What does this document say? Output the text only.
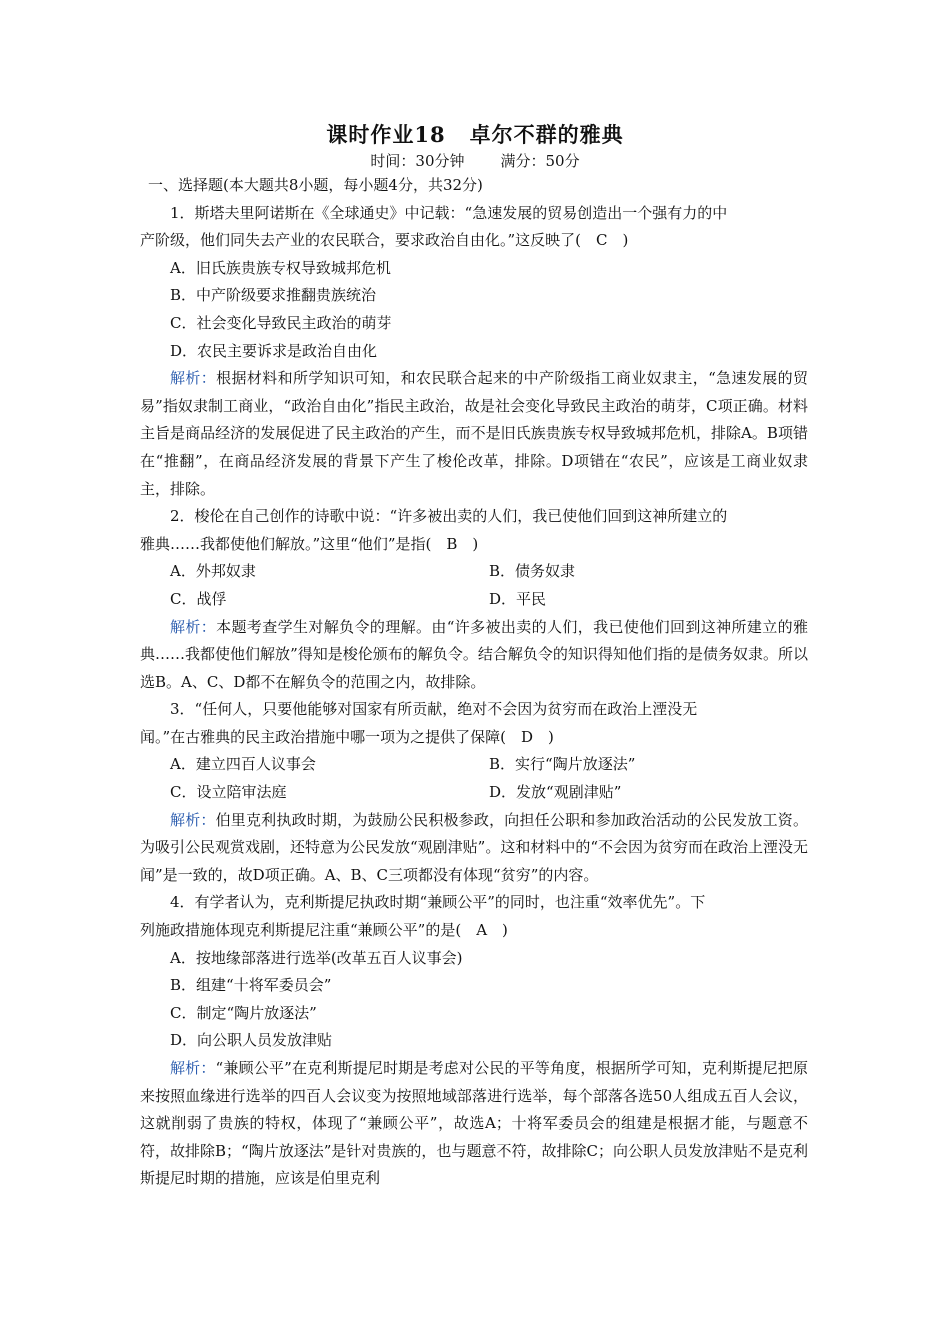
课时作业18 卓尔不群的雅典
时间：30分钟 满分：50分

一、选择题(本大题共8小题，每小题4分，共32分)

1．斯塔夫里阿诺斯在《全球通史》中记载：“急速发展的贸易创造出一个强有力的中

产阶级，他们同失去产业的农民联合，要求政治自由化。”这反映了(　C　)

A．旧氏族贵族专权导致城邦危机

B．中产阶级要求推翻贵族统治

C．社会变化导致民主政治的萌芽

D．农民主要诉求是政治自由化

解析：根据材料和所学知识可知，和农民联合起来的中产阶级指工商业奴隶主，“急速发展的贸易”指奴隶制工商业，“政治自由化”指民主政治，故是社会变化导致民主政治的萌芽，C项正确。材料主旨是商品经济的发展促进了民主政治的产生，而不是旧氏族贵族专权导致城邦危机，排除A。B项错在“推翻”，在商品经济发展的背景下产生了梭伦改革，排除。D项错在“农民”，应该是工商业奴隶主，排除。

2．梭伦在自己创作的诗歌中说：“许多被出卖的人们，我已使他们回到这神所建立的

雅典……我都使他们解放。”这里“他们”是指(　B　)

A．外邦奴隶	B．债务奴隶
C．战俘	D．平民

解析：本题考查学生对解负令的理解。由“许多被出卖的人们，我已使他们回到这神所建立的雅典……我都使他们解放”得知是梭伦颁布的解负令。结合解负令的知识得知他们指的是债务奴隶。所以选B。A、C、D都不在解负令的范围之内，故排除。

3．“任何人，只要他能够对国家有所贡献，绝对不会因为贫穷而在政治上湮没无

闻。”在古雅典的民主政治措施中哪一项为之提供了保障(　D　)

A．建立四百人议事会	B．实行“陶片放逐法”
C．设立陪审法庭	D．发放“观剧津贴”

解析：伯里克利执政时期，为鼓励公民积极参政，向担任公职和参加政治活动的公民发放工资。为吸引公民观赏戏剧，还特意为公民发放“观剧津贴”。这和材料中的“不会因为贫穷而在政治上湮没无闻”是一致的，故D项正确。A、B、C三项都没有体现“贫穷”的内容。

4．有学者认为，克利斯提尼执政时期“兼顾公平”的同时，也注重“效率优先”。下

列施政措施体现克利斯提尼注重“兼顾公平”的是(　A　)

A．按地缘部落进行选举(改革五百人议事会)

B．组建“十将军委员会”

C．制定“陶片放逐法”

D．向公职人员发放津贴

解析：“兼顾公平”在克利斯提尼时期是考虑对公民的平等角度，根据所学可知，克利斯提尼把原来按照血缘进行选举的四百人会议变为按照地域部落进行选举，每个部落各选50人组成五百人会议，这就削弱了贵族的特权，体现了“兼顾公平”，故选A；十将军委员会的组建是根据才能，与题意不符，故排除B；“陶片放逐法”是针对贵族的，也与题意不符，故排除C；向公职人员发放津贴不是克利斯提尼时期的措施，应该是伯里克利
